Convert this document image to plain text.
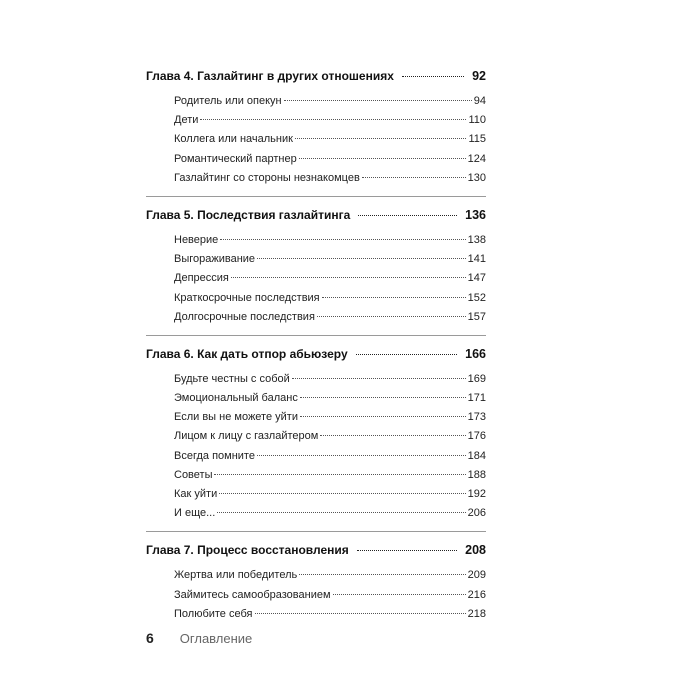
Глава 4. Газлайтинг в других отношениях	92
Родитель или опекун	94
Дети	110
Коллега или начальник	115
Романтический партнер	124
Газлайтинг со стороны незнакомцев	130
Глава 5. Последствия газлайтинга	136
Неверие	138
Выгораживание	141
Депрессия	147
Краткосрочные последствия	152
Долгосрочные последствия	157
Глава 6. Как дать отпор абьюзеру	166
Будьте честны с собой	169
Эмоциональный баланс	171
Если вы не можете уйти	173
Лицом к лицу с газлайтером	176
Всегда помните	184
Советы	188
Как уйти	192
И еще...	206
Глава 7. Процесс восстановления	208
Жертва или победитель	209
Займитесь самообразованием	216
Полюбите себя	218
6 Оглавление
